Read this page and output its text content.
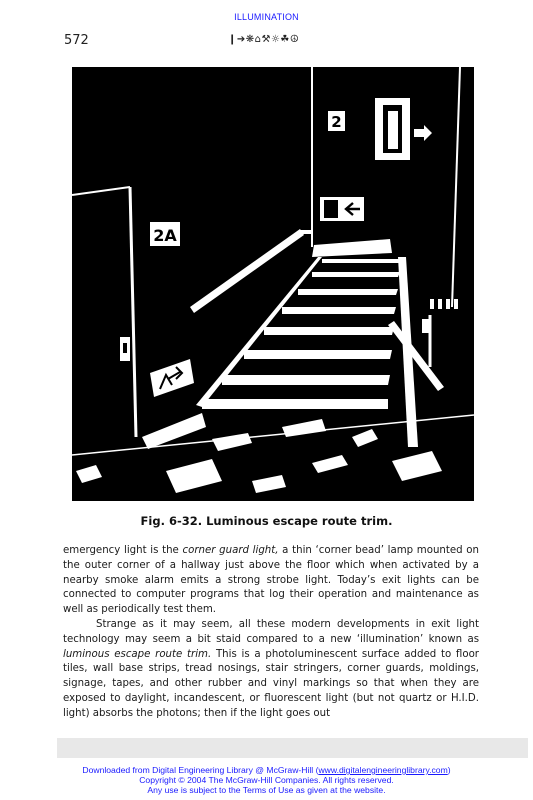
ILLUMINATION
572	❙➔❋⌂⚒☼☘☮
2
2A
Fig. 6-32. Luminous escape route trim.

emergency light is the corner guard light, a thin ‘corner bead’ lamp mounted on the outer corner of a hallway just above the floor which when activated by a nearby smoke alarm emits a strong strobe light. Today’s exit lights can be connected to computer programs that log their operation and maintenance as well as periodically test them.

Strange as it may seem, all these modern developments in exit light technology may seem a bit staid compared to a new ‘illumination’ known as luminous escape route trim. This is a photoluminescent surface added to floor tiles, wall base strips, tread nosings, stair stringers, corner guards, moldings, signage, tapes, and other rubber and vinyl markings so that when they are exposed to daylight, incandescent, or fluorescent light (but not quartz or H.I.D. light) absorbs the photons; then if the light goes out

Downloaded from Digital Engineering Library @ McGraw-Hill (www.digitalengineeringlibrary.com)
Copyright © 2004 The McGraw-Hill Companies. All rights reserved.
Any use is subject to the Terms of Use as given at the website.
